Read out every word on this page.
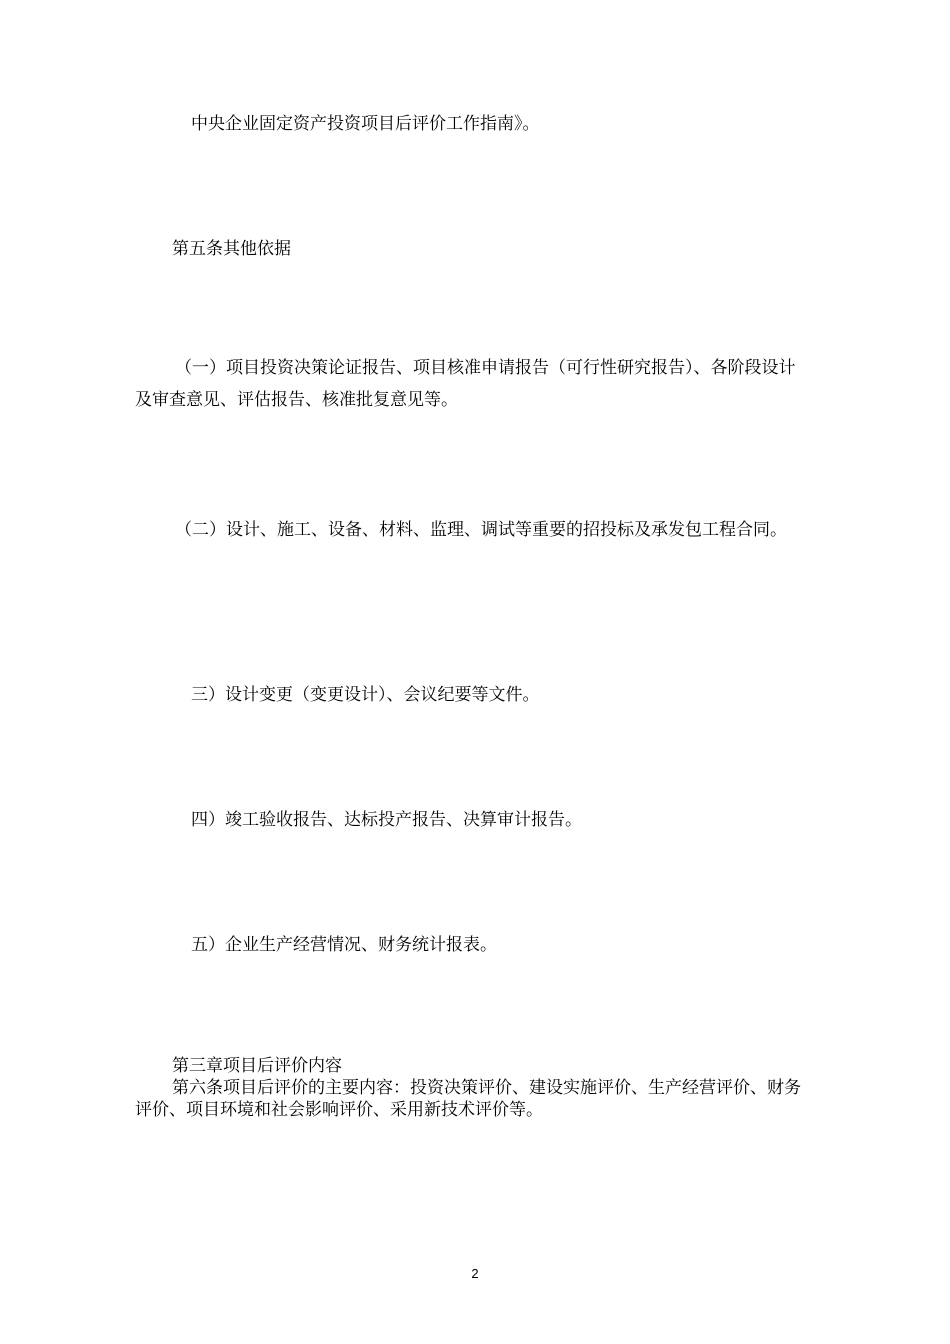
中央企业固定资产投资项目后评价工作指南》。

第五条其他依据

（一）项目投资决策论证报告、项目核准申请报告（可行性研究报告）、各阶段设计及审查意见、评估报告、核准批复意见等。

（二）设计、施工、设备、材料、监理、调试等重要的招投标及承发包工程合同。

三）设计变更（变更设计）、会议纪要等文件。

四）竣工验收报告、达标投产报告、决算审计报告。

五）企业生产经营情况、财务统计报表。

第三章项目后评价内容

第六条项目后评价的主要内容：投资决策评价、建设实施评价、生产经营评价、财务评价、项目环境和社会影响评价、采用新技术评价等。

2
